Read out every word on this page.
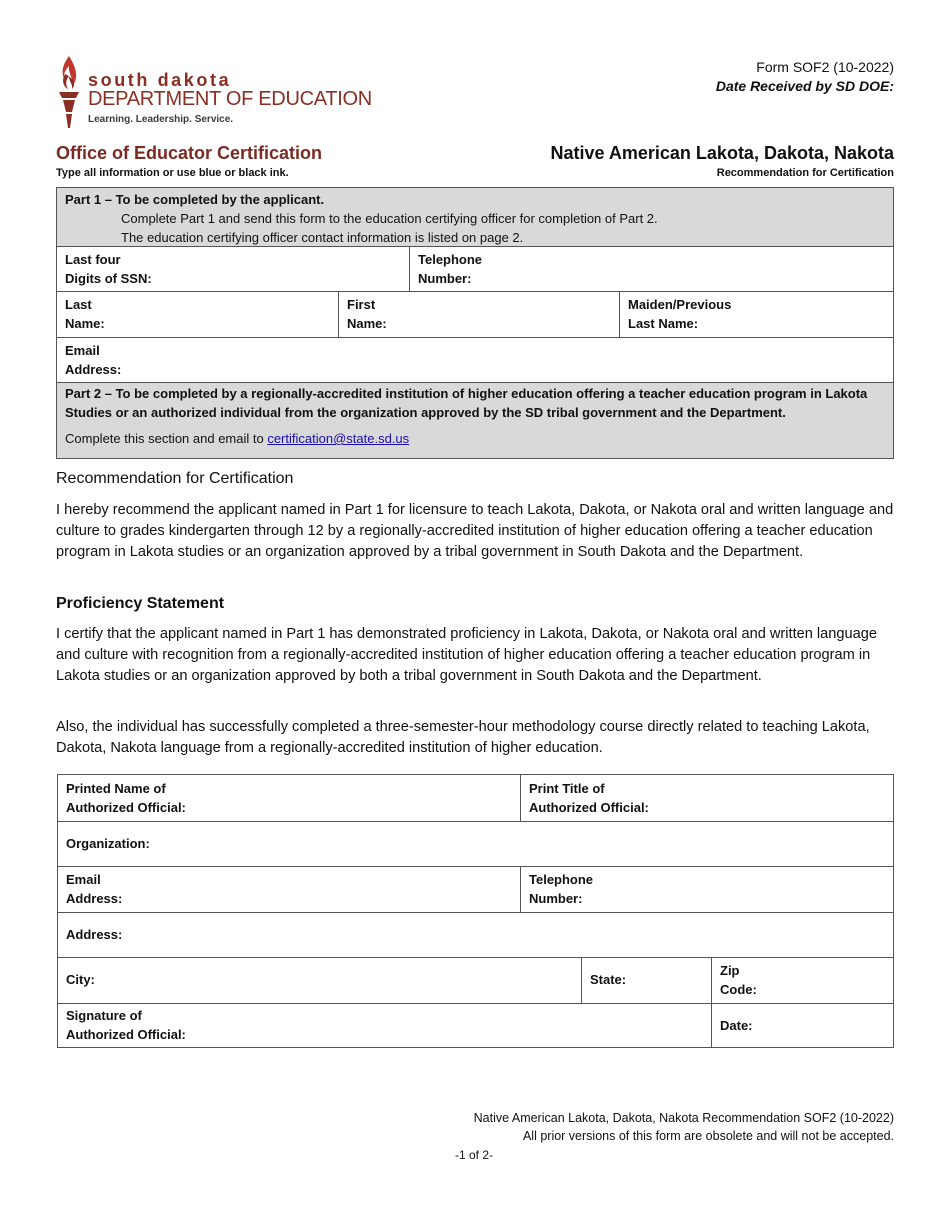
south dakota
DEPARTMENT OF EDUCATION
Learning. Leadership. Service.
Form SOF2 (10-2022)
Date Received by SD DOE:
Office of Educator Certification
Type all information or use blue or black ink.
Native American Lakota, Dakota, Nakota
Recommendation for Certification
Part 1 – To be completed by the applicant.
Complete Part 1 and send this form to the education certifying officer for completion of Part 2.
The education certifying officer contact information is listed on page 2.
Last four
Digits of SSN:
Telephone
Number:
Last
Name:
First
Name:
Maiden/Previous
Last Name:
Email
Address:
Part 2 – To be completed by a regionally-accredited institution of higher education offering a teacher education program in Lakota Studies or an authorized individual from the organization approved by the SD tribal government and the Department.
Complete this section and email to certification@state.sd.us
Recommendation for Certification
I hereby recommend the applicant named in Part 1 for licensure to teach Lakota, Dakota, or Nakota oral and written language and culture to grades kindergarten through 12 by a regionally-accredited institution of higher education offering a teacher education program in Lakota studies or an organization approved by a tribal government in South Dakota and the Department.
Proficiency Statement
I certify that the applicant named in Part 1 has demonstrated proficiency in Lakota, Dakota, or Nakota oral and written language and culture with recognition from a regionally-accredited institution of higher education offering a teacher education program in Lakota studies or an organization approved by both a tribal government in South Dakota and the Department.
Also, the individual has successfully completed a three-semester-hour methodology course directly related to teaching Lakota, Dakota, Nakota language from a regionally-accredited institution of higher education.
Printed Name of
Authorized Official:
Print Title of
Authorized Official:
Organization:
Email
Address:
Telephone
Number:
Address:
City:	State:
Zip
Code:
Signature of
Authorized Official:
Date:
Native American Lakota, Dakota, Nakota Recommendation SOF2 (10-2022)
All prior versions of this form are obsolete and will not be accepted.
-1 of 2-
